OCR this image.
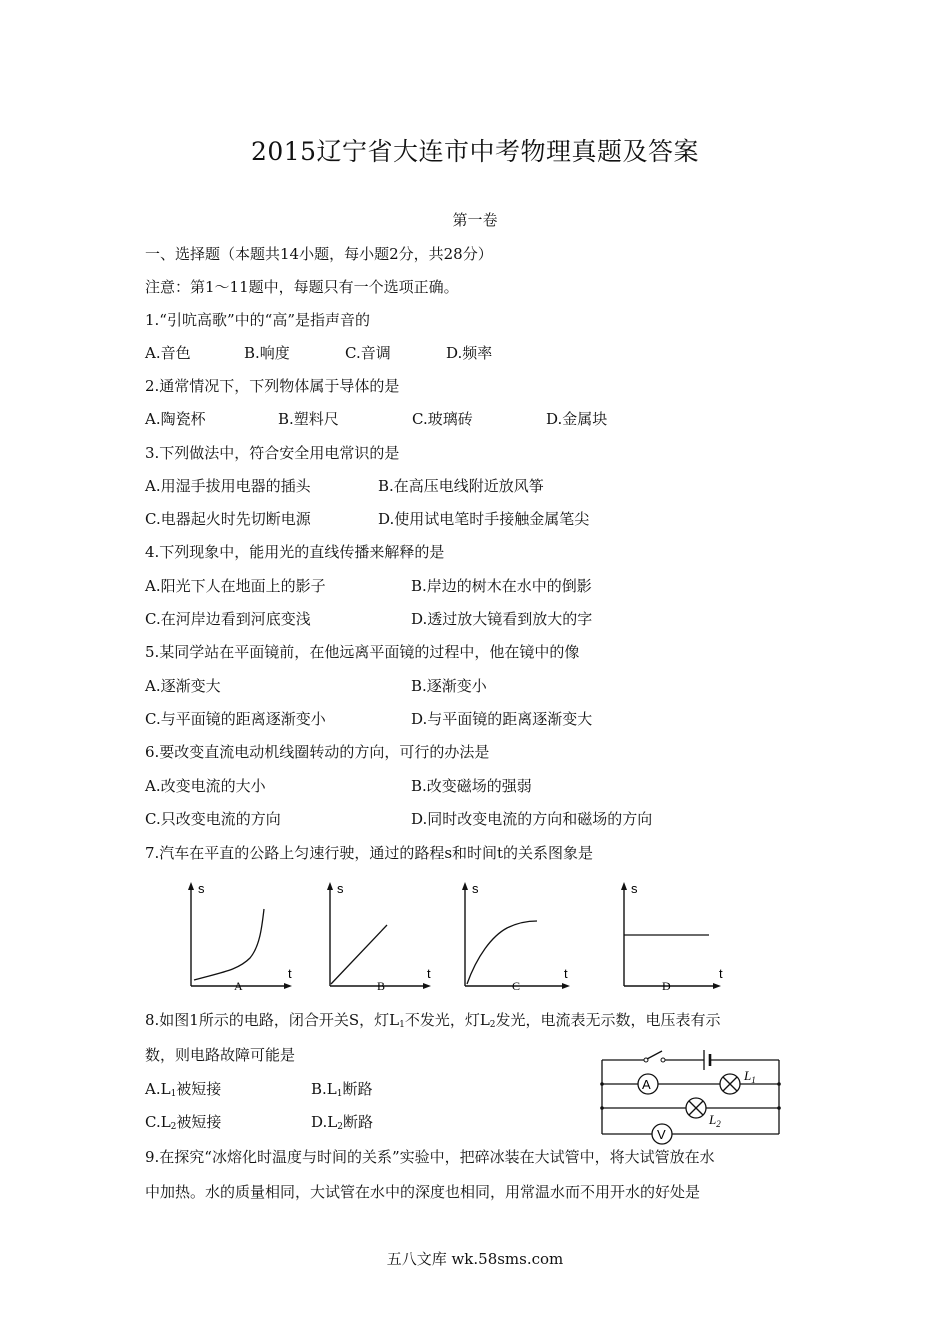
2015辽宁省大连市中考物理真题及答案
第一卷
一、选择题（本题共14小题，每小题2分，共28分）
注意：第1～11题中，每题只有一个选项正确。
1.“引吭高歌”中的“高”是指声音的
A.音色	B.响度	C.音调	D.频率
2.通常情况下，下列物体属于导体的是
A.陶瓷杯	B.塑料尺	C.玻璃砖	D.金属块
3.下列做法中，符合安全用电常识的是
A.用湿手拔用电器的插头	B.在高压电线附近放风筝
C.电器起火时先切断电源	D.使用试电笔时手接触金属笔尖
4.下列现象中，能用光的直线传播来解释的是
A.阳光下人在地面上的影子	B.岸边的树木在水中的倒影
C.在河岸边看到河底变浅	D.透过放大镜看到放大的字
5.某同学站在平面镜前，在他远离平面镜的过程中，他在镜中的像
A.逐渐变大	B.逐渐变小
C.与平面镜的距离逐渐变小	D.与平面镜的距离逐渐变大
6.要改变直流电动机线圈转动的方向，可行的办法是
A.改变电流的大小	B.改变磁场的强弱
C.只改变电流的方向	D.同时改变电流的方向和磁场的方向
7.汽车在平直的公路上匀速行驶，通过的路程s和时间t的关系图象是
s
t
A
s
t
B
s
t
C
s
t
D
8.如图1所示的电路，闭合开关S，灯$L_1$不发光，灯$L_2$发光，电流表无示数，电压表有示
数，则电路故障可能是
$A.L_1$被短接	$B.L_1$断路
$C.L_2$被短接	$D.L_2$断路
A
$L_1$
$L_2$
V
9.在探究“冰熔化时温度与时间的关系”实验中，把碎冰装在大试管中，将大试管放在水
中加热。水的质量相同，大试管在水中的深度也相同，用常温水而不用开水的好处是
五八文库 wk.58sms.com
